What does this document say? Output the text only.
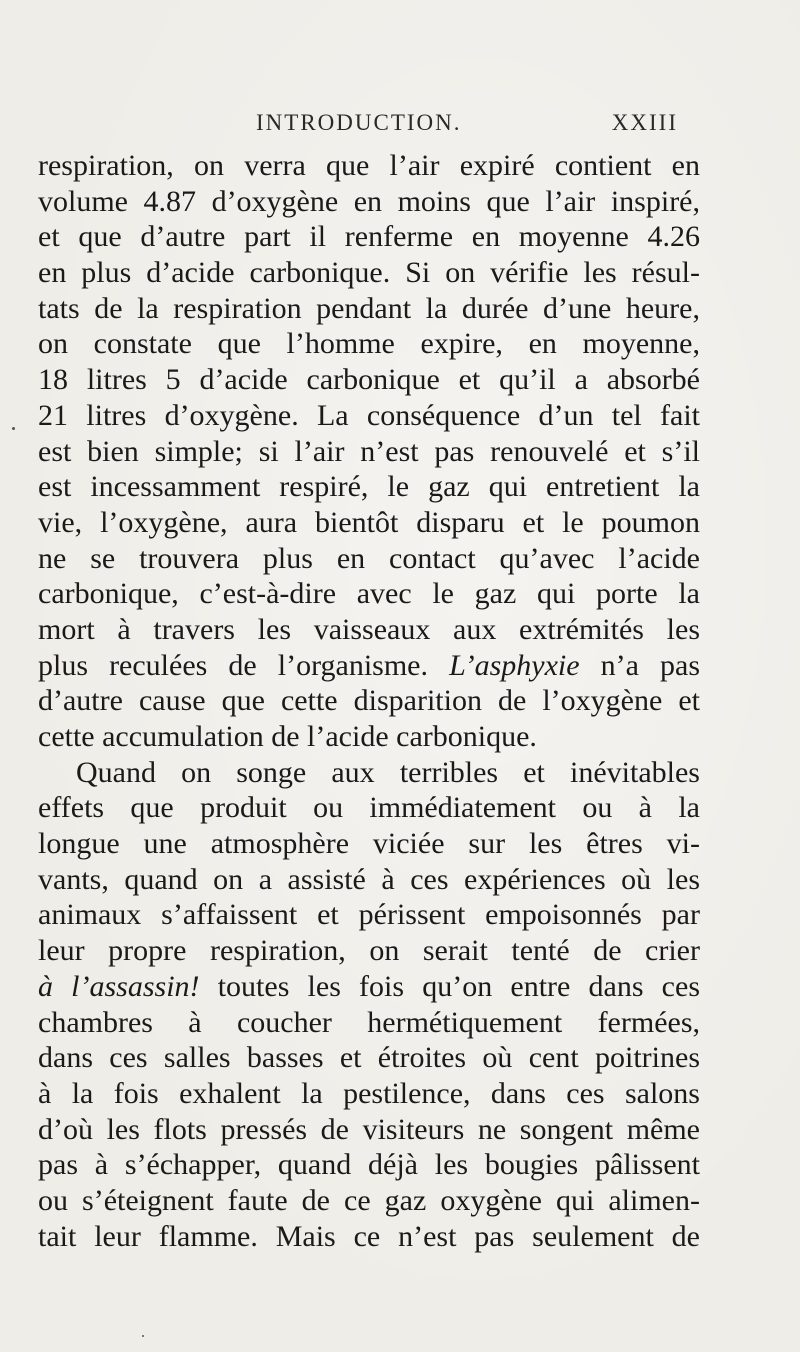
INTRODUCTION.	XXIII
respiration, on verra que l’air expiré contient en
volume 4.87 d’oxygène en moins que l’air inspiré,
et que d’autre part il renferme en moyenne 4.26
en plus d’acide carbonique. Si on vérifie les résul-
tats de la respiration pendant la durée d’une heure,
on constate que l’homme expire, en moyenne,
18 litres 5 d’acide carbonique et qu’il a absorbé
21 litres d’oxygène. La conséquence d’un tel fait
est bien simple; si l’air n’est pas renouvelé et s’il
est incessamment respiré, le gaz qui entretient la
vie, l’oxygène, aura bientôt disparu et le poumon
ne se trouvera plus en contact qu’avec l’acide
carbonique, c’est-à-dire avec le gaz qui porte la
mort à travers les vaisseaux aux extrémités les
plus reculées de l’organisme. L’asphyxie n’a pas
d’autre cause que cette disparition de l’oxygène et
cette accumulation de l’acide carbonique.
Quand on songe aux terribles et inévitables
effets que produit ou immédiatement ou à la
longue une atmosphère viciée sur les êtres vi-
vants, quand on a assisté à ces expériences où les
animaux s’affaissent et périssent empoisonnés par
leur propre respiration, on serait tenté de crier
à l’assassin! toutes les fois qu’on entre dans ces
chambres à coucher hermétiquement fermées,
dans ces salles basses et étroites où cent poitrines
à la fois exhalent la pestilence, dans ces salons
d’où les flots pressés de visiteurs ne songent même
pas à s’échapper, quand déjà les bougies pâlissent
ou s’éteignent faute de ce gaz oxygène qui alimen-
tait leur flamme. Mais ce n’est pas seulement de
